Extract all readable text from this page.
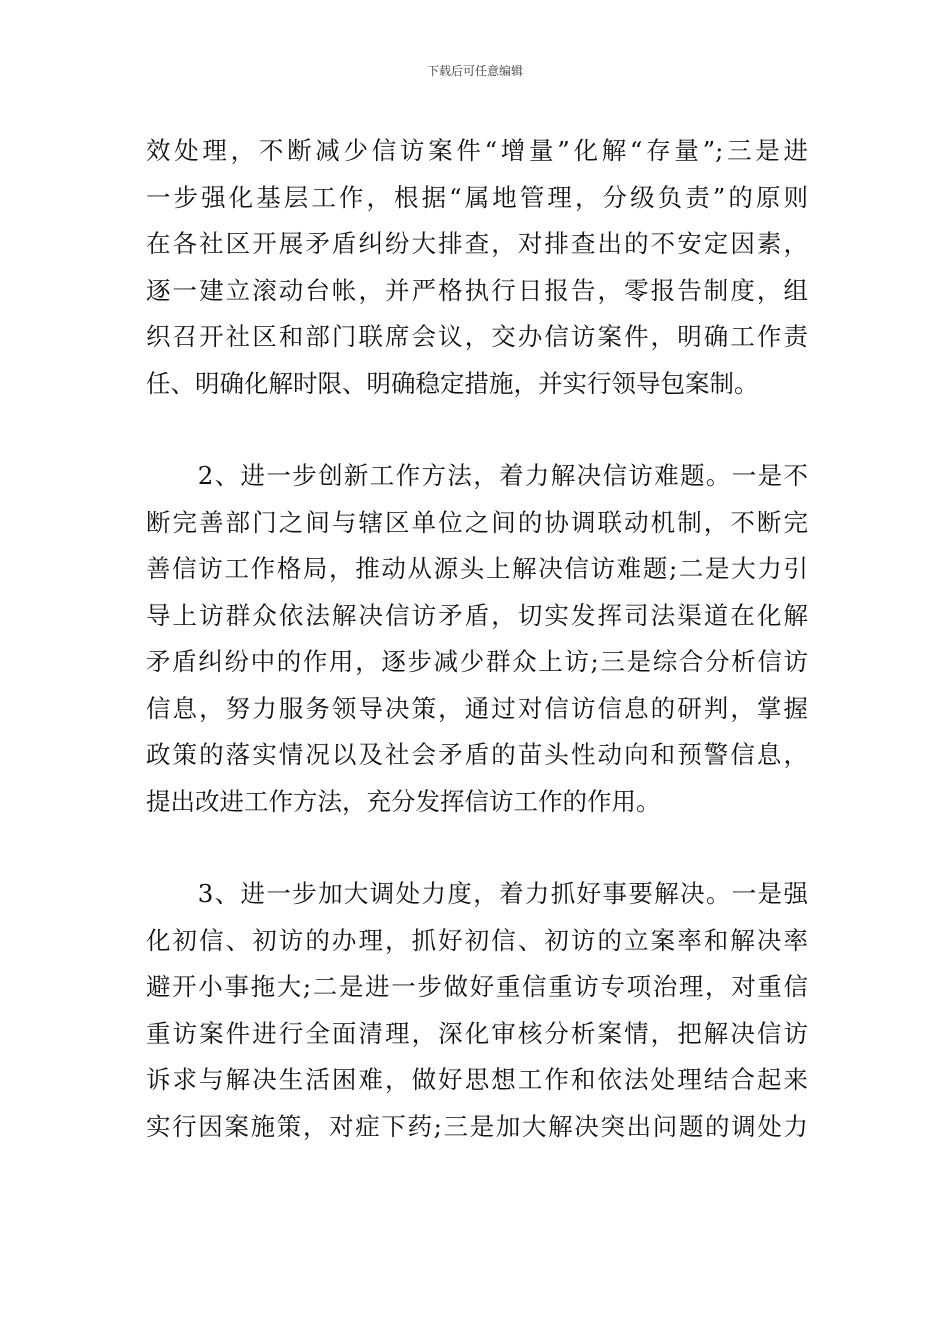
下载后可任意编辑
效处理，不断减少信访案件“增量”化解“存量”;三是进
一步强化基层工作，根据“属地管理，分级负责”的原则
在各社区开展矛盾纠纷大排查，对排查出的不安定因素，
逐一建立滚动台帐，并严格执行日报告，零报告制度，组
织召开社区和部门联席会议，交办信访案件，明确工作责
任、明确化解时限、明确稳定措施，并实行领导包案制。
　　2、进一步创新工作方法，着力解决信访难题。一是不
断完善部门之间与辖区单位之间的协调联动机制，不断完
善信访工作格局，推动从源头上解决信访难题;二是大力引
导上访群众依法解决信访矛盾，切实发挥司法渠道在化解
矛盾纠纷中的作用，逐步减少群众上访;三是综合分析信访
信息，努力服务领导决策，通过对信访信息的研判，掌握
政策的落实情况以及社会矛盾的苗头性动向和预警信息，
提出改进工作方法，充分发挥信访工作的作用。
　　3、进一步加大调处力度，着力抓好事要解决。一是强
化初信、初访的办理，抓好初信、初访的立案率和解决率
避开小事拖大;二是进一步做好重信重访专项治理，对重信
重访案件进行全面清理，深化审核分析案情，把解决信访
诉求与解决生活困难，做好思想工作和依法处理结合起来
实行因案施策，对症下药;三是加大解决突出问题的调处力
